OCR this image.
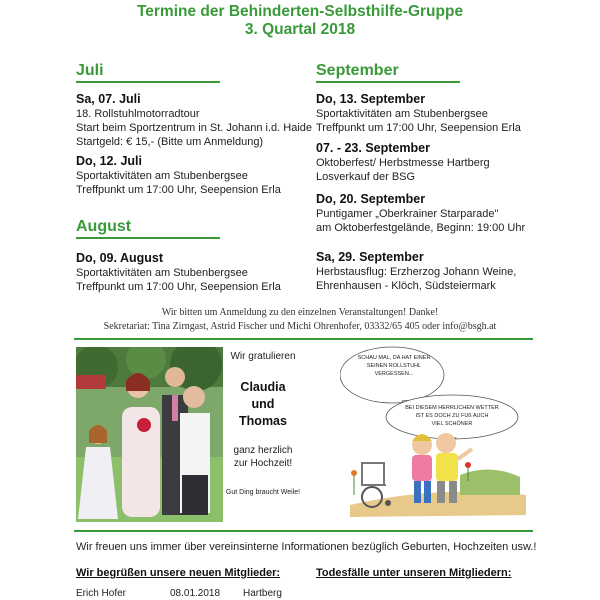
Termine der Behinderten-Selbsthilfe-Gruppe
3. Quartal 2018
Juli
Sa, 07. Juli
18. Rollstuhlmotorradtour
Start beim Sportzentrum in St. Johann i.d. Haide
Startgeld: € 15,- (Bitte um Anmeldung)
Do, 12. Juli
Sportaktivitäten am Stubenbergsee
Treffpunkt um 17:00 Uhr, Seepension Erla
August
Do, 09. August
Sportaktivitäten am Stubenbergsee
Treffpunkt um 17:00 Uhr, Seepension Erla
September
Do, 13. September
Sportaktivitäten am Stubenbergsee
Treffpunkt um 17:00 Uhr, Seepension Erla
07. - 23. September
Oktoberfest/ Herbstmesse Hartberg
Losverkauf der BSG
Do, 20. September
Puntigamer „Oberkrainer Starparade"
am Oktoberfestgelände, Beginn: 19:00 Uhr
Sa, 29. September
Herbstausflug: Erzherzog Johann Weine,
Ehrenhausen - Klöch, Südsteiermark
Wir bitten um Anmeldung zu den einzelnen Veranstaltungen! Danke!
Sekretariat: Tina Zirngast, Astrid Fischer und Michi Ohrenhofer, 03332/65 405 oder info@bsgh.at
Wir gratulieren
Claudia
und
Thomas
ganz herzlich
zur Hochzeit!
Gut Ding braucht Weile!
SCHAU MAL, DA HAT EINER
SEINEN ROLLSTUHL
VERGESSEN...
BEI DIESEM HERRLICHEN WETTER
IST ES DOCH ZU FUß AUCH
VIEL SCHÖNER
Wir freuen uns immer über vereinsinterne Informationen bezüglich Geburten, Hochzeiten usw.!
Wir begrüßen unsere neuen Mitglieder:	Todesfälle unter unseren Mitgliedern:
Erich Hofer	08.01.2018 Hartberg
